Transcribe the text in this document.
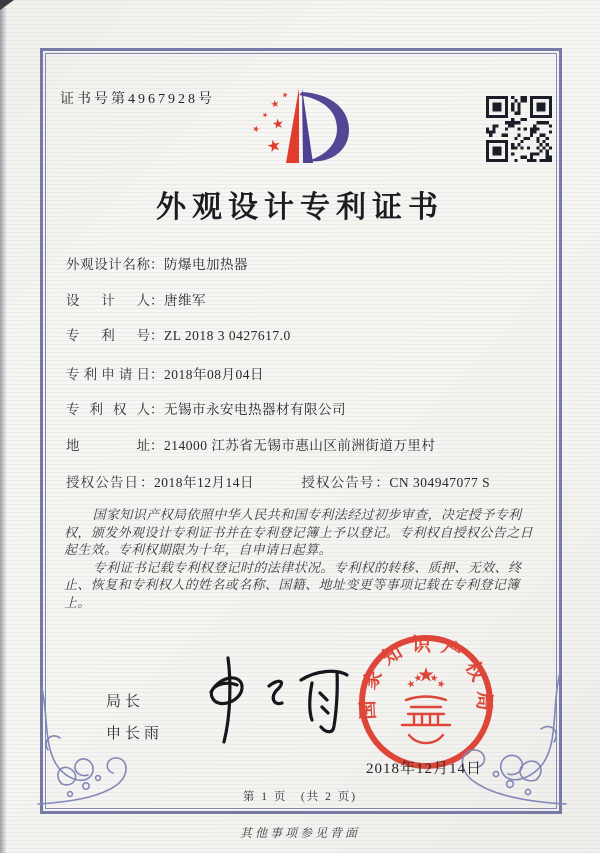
证书号第4967928号
外观设计专利证书
外观设计名称：防爆电加热器
设计人：唐维军
专利号：ZL 2018 3 0427617.0
专利申请日：2018年08月04日
专利权人：无锡市永安电热器材有限公司
地址：214000 江苏省无锡市惠山区前洲街道万里村
授权公告日 ：2018年12月14日	授权公告号 ：CN 304947077 S

国家知识产权局依照中华人民共和国专利法经过初步审查，决定授予专利权，颁发外观设计专利证书并在专利登记簿上予以登记。专利权自授权公告之日起生效。专利权期限为十年，自申请日起算。

专利证书记载专利权登记时的法律状况。专利权的转移、质押、无效、终止、恢复和专利权人的姓名或名称、国籍、地址变更等事项记载在专利登记簿上。

局长
申长雨
国家知识产权局
2018年12月14日
第 1 页　(共 2 页)
其他事项参见背面
